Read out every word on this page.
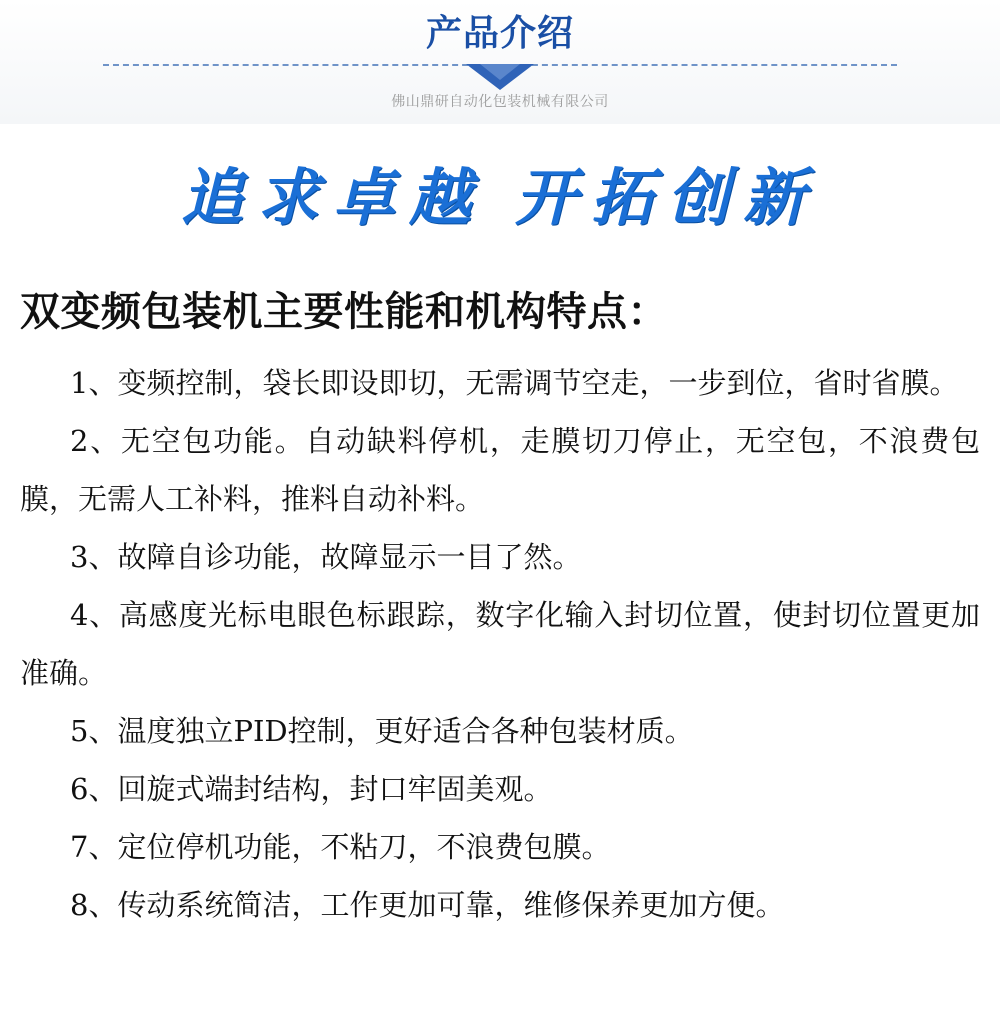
产品介绍
佛山鼎研自动化包装机械有限公司
追求卓越 开拓创新
双变频包装机主要性能和机构特点：

1、变频控制，袋长即设即切，无需调节空走，一步到位，省时省膜。

2、无空包功能。自动缺料停机，走膜切刀停止，无空包，不浪费包膜，无需人工补料，推料自动补料。

3、故障自诊功能，故障显示一目了然。

4、高感度光标电眼色标跟踪，数字化输入封切位置，使封切位置更加准确。

5、温度独立PID控制，更好适合各种包装材质。

6、回旋式端封结构，封口牢固美观。

7、定位停机功能，不粘刀，不浪费包膜。

8、传动系统简洁，工作更加可靠，维修保养更加方便。
